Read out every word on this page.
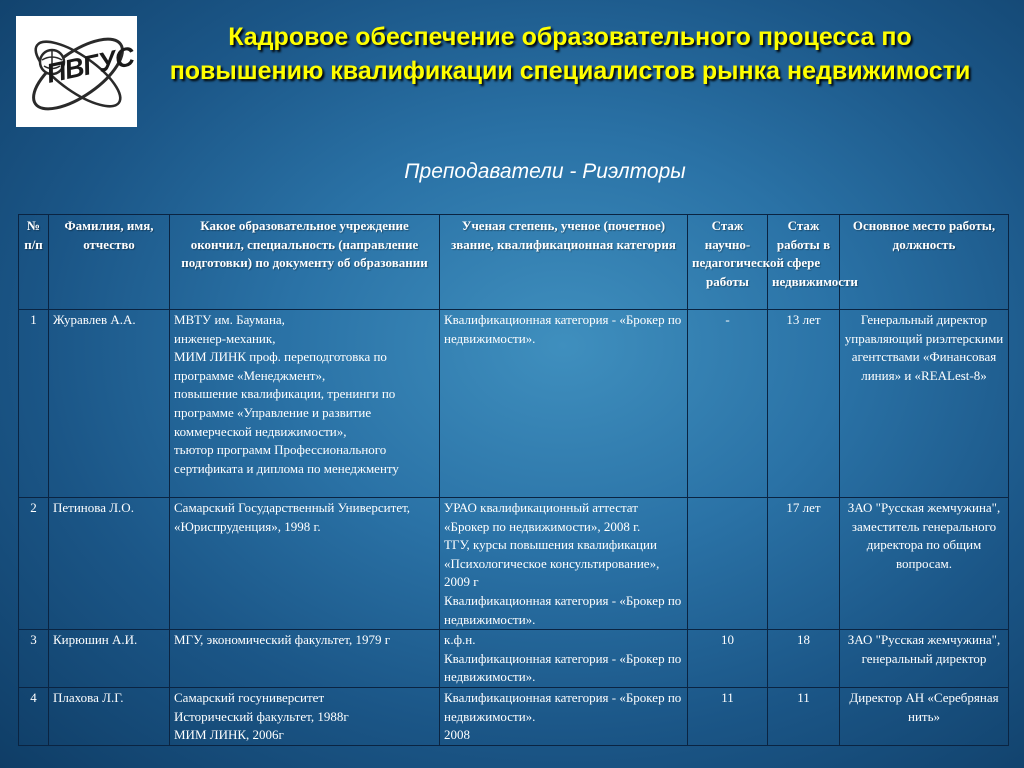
ПВГУС
Кадровое обеспечение образовательного процесса по повышению квалификации специалистов рынка недвижимости
Преподаватели - Риэлторы
№ п/п	Фамилия, имя, отчество	Какое образовательное учреждение окончил, специальность (направление подготовки) по документу об образовании	Ученая степень, ученое (почетное) звание, квалификационная категория	Стаж научно-педагогической работы	Стаж работы в сфере недвижимости	Основное место работы, должность
1	Журавлев А.А.	МВТУ им. Баумана,
инженер-механик,
МИМ ЛИНК проф. переподготовка по программе «Менеджмент»,
повышение квалификации, тренинги по программе «Управление и развитие коммерческой недвижимости»,
тьютор программ Профессионального сертификата и диплома по менеджменту	Квалификационная категория - «Брокер по недвижимости».	-	13 лет	Генеральный директор управляющий риэлтерскими агентствами «Финансовая линия» и «REALest-8»
2	Петинова Л.О.	Самарский Государственный Университет, «Юриспруденция», 1998 г.	УРАО квалификационный аттестат «Брокер по недвижимости», 2008 г.
ТГУ, курсы повышения квалификации «Психологическое консультирование», 2009 г
Квалификационная категория - «Брокер по недвижимости».		17 лет	ЗАО "Русская жемчужина", заместитель генерального директора по общим вопросам.
3	Кирюшин А.И.	МГУ, экономический факультет, 1979 г	к.ф.н.
Квалификационная категория - «Брокер по недвижимости».	10	18	ЗАО "Русская жемчужина", генеральный директор
4	Плахова Л.Г.	Самарский госуниверситет
Исторический факультет, 1988г
МИМ ЛИНК, 2006г	Квалификационная категория - «Брокер по недвижимости».
2008	11	11	Директор АН «Серебряная нить»
